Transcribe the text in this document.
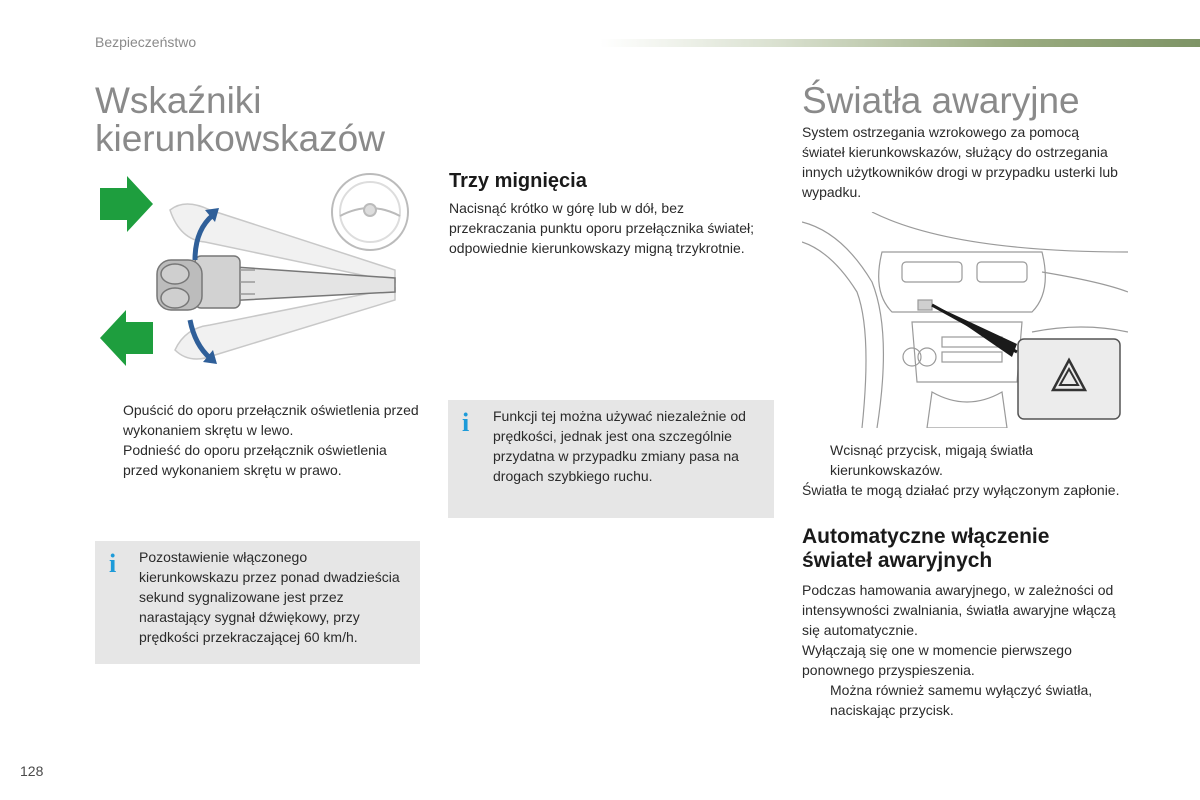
Bezpieczeństwo
Wskaźniki
kierunkowskazów
Opuścić do oporu przełącznik oświetlenia przed wykonaniem skrętu w lewo.
Podnieść do oporu przełącznik oświetlenia przed wykonaniem skrętu w prawo.
i Pozostawienie włączonego kierunkowskazu przez ponad dwadzieścia sekund sygnalizowane jest przez narastający sygnał dźwiękowy, przy prędkości przekraczającej 60 km/h.

Trzy mignięcia

Nacisnąć krótko w górę lub w dół, bez przekraczania punktu oporu przełącznika świateł; odpowiednie kierunkowskazy migną trzykrotnie.

i Funkcji tej można używać niezależnie od prędkości, jednak jest ona szczególnie przydatna w przypadku zmiany pasa na drogach szybkiego ruchu.

Światła awaryjne

System ostrzegania wzrokowego za pomocą świateł kierunkowskazów, służący do ostrzegania innych użytkowników drogi w przypadku usterki lub wypadku.

Wcisnąć przycisk, migają światła kierunkowskazów.

Światła te mogą działać przy wyłączonym zapłonie.

Automatyczne włączenie
świateł awaryjnych

Podczas hamowania awaryjnego, w zależności od intensywności zwalniania, światła awaryjne włączą się automatycznie.

Wyłączają się one w momencie pierwszego ponownego przyspieszenia.

Można również samemu wyłączyć światła, naciskając przycisk.
128
